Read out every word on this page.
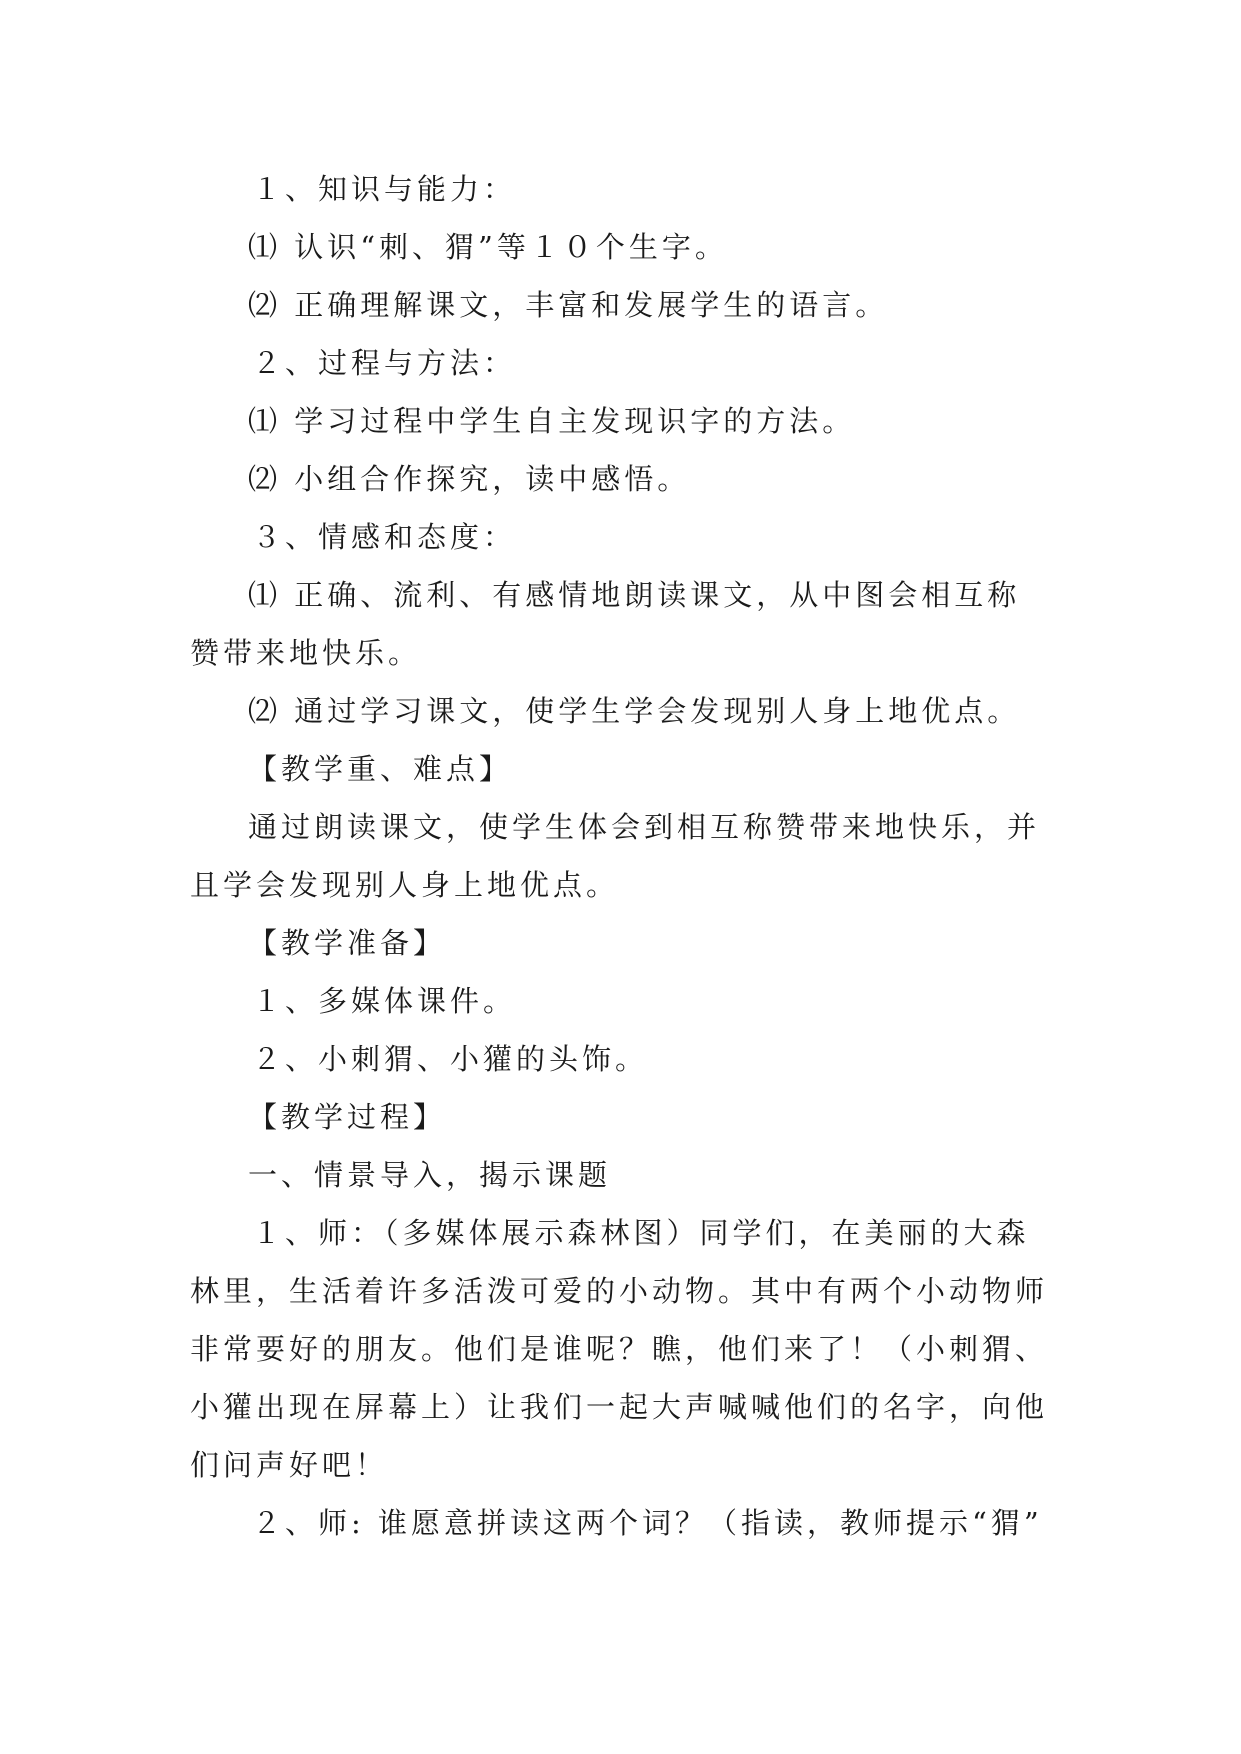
１、知识与能力：

⑴ 认识“刺、猬”等１０个生字。

⑵ 正确理解课文，丰富和发展学生的语言。

２、过程与方法：

⑴ 学习过程中学生自主发现识字的方法。

⑵ 小组合作探究，读中感悟。

３、情感和态度：

⑴ 正确、流利、有感情地朗读课文，从中图会相互称

赞带来地快乐。

⑵ 通过学习课文，使学生学会发现别人身上地优点。

【教学重、难点】

通过朗读课文，使学生体会到相互称赞带来地快乐，并

且学会发现别人身上地优点。

【教学准备】

１、多媒体课件。

２、小刺猬、小獾的头饰。

【教学过程】

一、情景导入，揭示课题

１、师：（多媒体展示森林图）同学们，在美丽的大森

林里，生活着许多活泼可爱的小动物。其中有两个小动物师

非常要好的朋友。他们是谁呢？瞧，他们来了！（小刺猬、

小獾出现在屏幕上）让我们一起大声喊喊他们的名字，向他

们问声好吧！

２、师: 谁愿意拼读这两个词？（指读，教师提示“猬”
